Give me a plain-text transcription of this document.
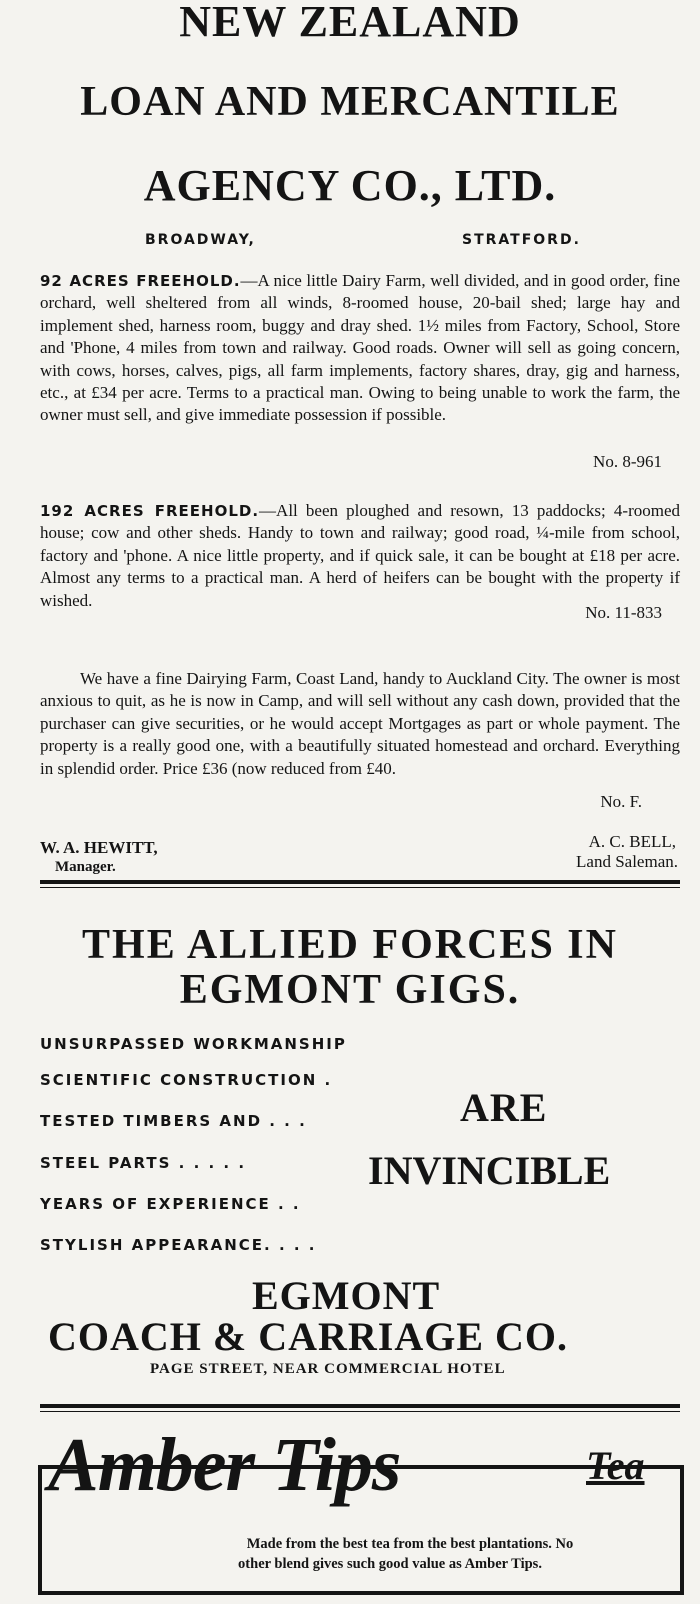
NEW ZEALAND
LOAN AND MERCANTILE
AGENCY CO., LTD.
BROADWAY,	STRATFORD.
92 ACRES FREEHOLD.—A nice little Dairy Farm, well divided, and in good order, fine orchard, well sheltered from all winds, 8-roomed house, 20-bail shed; large hay and implement shed, harness room, buggy and dray shed. 1½ miles from Factory, School, Store and 'Phone, 4 miles from town and railway. Good roads. Owner will sell as going concern, with cows, horses, calves, pigs, all farm implements, factory shares, dray, gig and harness, etc., at £34 per acre. Terms to a practical man. Owing to being unable to work the farm, the owner must sell, and give immediate possession if possible.
No. 8-961
192 ACRES FREEHOLD.—All been ploughed and resown, 13 paddocks; 4-roomed house; cow and other sheds. Handy to town and railway; good road, ¼-mile from school, factory and 'phone. A nice little property, and if quick sale, it can be bought at £18 per acre. Almost any terms to a practical man. A herd of heifers can be bought with the property if wished.
No. 11-833
We have a fine Dairying Farm, Coast Land, handy to Auckland City. The owner is most anxious to quit, as he is now in Camp, and will sell without any cash down, provided that the purchaser can give securities, or he would accept Mortgages as part or whole payment. The property is a really good one, with a beautifully situated homestead and orchard. Everything in splendid order. Price £36 (now reduced from £40.
No. F.
W. A. HEWITT,
Manager.
A. C. BELL,
Land Saleman.
THE ALLIED FORCES IN
EGMONT GIGS.
UNSURPASSED WORKMANSHIP
SCIENTIFIC CONSTRUCTION .
TESTED TIMBERS AND . . .
STEEL PARTS . . . . .
YEARS OF EXPERIENCE . .
STYLISH APPEARANCE. . . .
ARE
INVINCIBLE
EGMONT
COACH & CARRIAGE CO.
PAGE STREET, NEAR COMMERCIAL HOTEL
Amber Tips	Tea
Made from the best tea from the best plantations. No
other blend gives such good value as Amber Tips.
